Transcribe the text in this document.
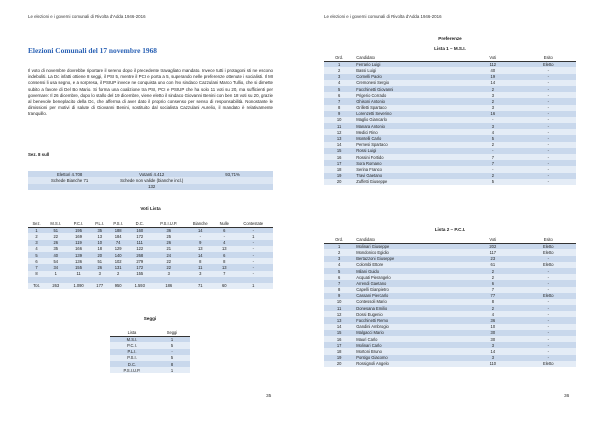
Le elezioni e i governi comunali di Rivolta d'Adda 1946-2016
Elezioni Comunali del 17 novembre 1968
Il voto di novembre dovrebbe riportare il sereno dopo il precedente travagliato mandato. Invece tutti i protagoni sti ne escono indeboliti. La Dc infatti ottiene 8 seggi, il PSI 5, mentre il PCI e porta a 5, superando nelle preferenze ottenute i socialisti. Il MI consensi li usa segno, e a sorpresa, il PSIUP invece ne conquista uno con l'ex sindaco Cazzulani Marco Tullio, che si dimette subito a favore di Del Bo Mario. Si forma una coalizione tra PSI, PCI e PSIUP che ha solo 11 voti su 20, ma sufficienti per governare: Il 26 dicembre, dopo lo stallo del 19 dicembre, viene eletto il sindaco Giovanni Benini con ben 18 voti su 20, grazie al benevole beneplacito della Dc, che afferma di aver dato il proprio consenso per senso di responsabilità. Nonostante le dimissioni per motivi di salute di Giovanni Benini, sostituito dal socialista Cazzulani Aurelio, il mandato è relativamente tranquillo.
Sez. 8 sull
Elettori 4.708	Votanti 4.412	93,71%
Schede Bianche 71	Schede non valide (bianche incl.)	
	132	
Voti Lista
Sez.	M.S.I.	P.C.I.	P.L.I.	P.S.I.	D.C.	P.S.I.U.P.	Bianche	Nulle	Contestate
1	51	195	35	188	160	36	14	6	-
2	22	169	13	184	172	25	-	-	1
3	26	119	10	74	111	26	9	4	-
4	35	166	18	129	122	21	13	13	-
5	40	139	20	140	268	24	14	6	-
6	54	136	51	102	279	22	8	8	-
7	34	155	26	131	172	22	11	13	-
8	1	11	3	2	155	3	3	7	-

Tot.	263	1.090	177	950	1.593	186	71	60	1
Seggi
Lista	Seggi
M.S.I.	1
P.C.I.	5
P.L.I.	-
P.S.I.	5
D.C.	8
P.S.I.U.P.	1
35
Le elezioni e i governi comunali di Rivolta d'Adda 1946-2016
Preferenze
Lista 1 – M.S.I.
Ord.	Candidato	Voti	Esito
1	Ferrario Luigi	112	Eletto
2	Bassi Luigi	40	-
3	Cornelli Paolo	19	-
4	Cremonesi Sergio	14	-
5	Facchinetti Giovanni	2	-
6	Prigerio Corrado	3	-
7	Ghisoni Antonio	2	-
8	Grilletti Spartaco	3	-
9	Lorenzetti Severino	16	-
10	Maglio Giancarlo	-	-
11	Manara Antonio	3	-
12	Medici Rino	4	-
13	Montelli Carlo	5	-
14	Pernesi Spartaco	2	-
15	Rossi Luigi	-	-
16	Rossini Fortido	7	-
17	Sora Romano	7	-
18	Serina Franco	-	-
19	Travi Gaetano	2	-
20	Zuffetti Giuseppe	5	-
Lista 2 – P.C.I.
Ord.	Candidato	Voti	Esito
1	Molinari Giuseppe	202	Eletto
2	Mondonico Egidio	117	Eletto
3	Bertazzoni Giuseppe	23	-
4	Colombi Ettore	61	Eletto
5	Milani Guido	2	-
6	Acquati Pierangelo	2	-
7	Arrendi Gaetano	6	-
8	Capelli Gianpietro	7	-
9	Cassani Piercarlo	77	Eletto
10	Contessoli Mario	8	-
11	Donesana Emilio	2	-
12	Dossi Eugenio	4	-
13	Facchinetti Remo	36	-
14	Gandini Ambrogio	10	-
15	Malgacci Mario	30	-
16	Mauri Carlo	30	-
17	Molinari Carlo	3	-
18	Mortoni Bruno	14	-
19	Pontigo Giacomo	3	-
20	Rossignoli Angelo	110	Eletto
36
